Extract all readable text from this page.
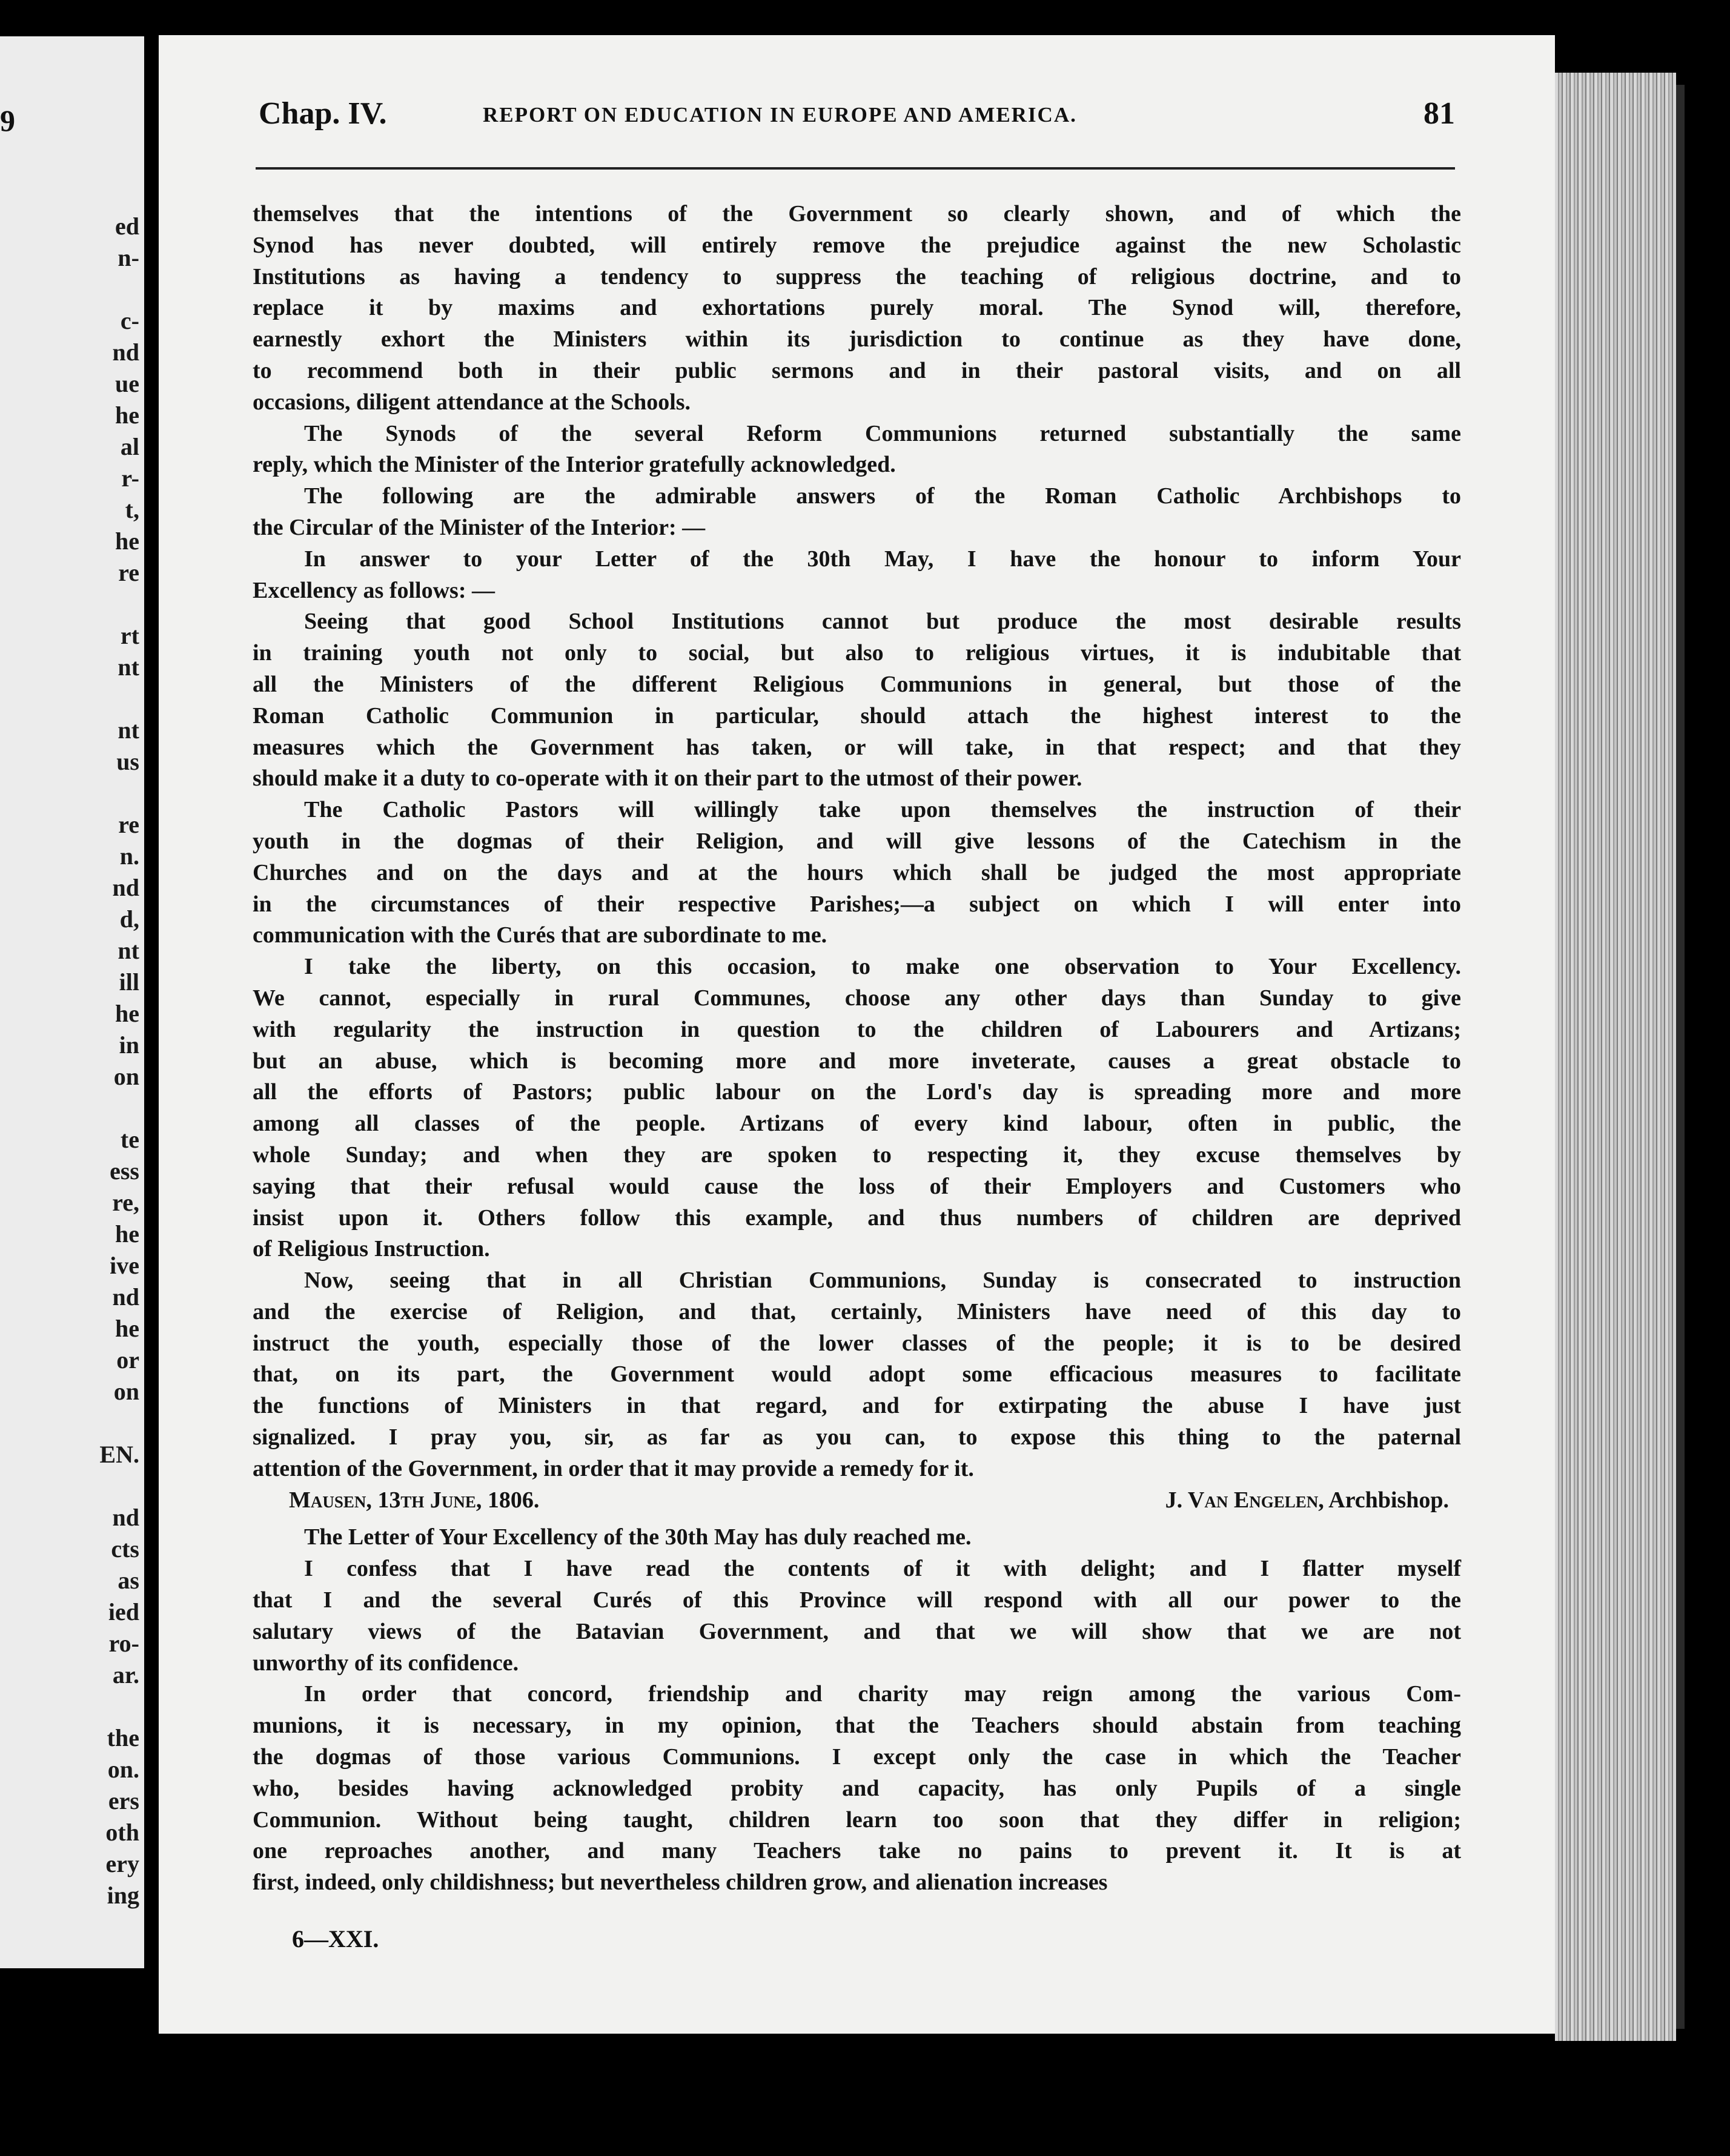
9
ed
n-
c-
nd
ue
he
al
r-
t,
he
re
rt
nt
nt
us
re
n.
nd
d,
nt
ill
he
in
on
te
ess
re,
he
ive
nd
he
or
on
EN.
nd
cts
as
ied
ro-
ar.
the
on.
ers
oth
ery
ing
Chap. IV.	REPORT ON EDUCATION IN EUROPE AND AMERICA.	81

themselves that the intentions of the Government so clearly shown, and of which the

Synod has never doubted, will entirely remove the prejudice against the new Scholastic

Institutions as having a tendency to suppress the teaching of religious doctrine, and to

replace it by maxims and exhortations purely moral. The Synod will, therefore,

earnestly exhort the Ministers within its jurisdiction to continue as they have done,

to recommend both in their public sermons and in their pastoral visits, and on all

occasions, diligent attendance at the Schools.

The Synods of the several Reform Communions returned substantially the same

reply, which the Minister of the Interior gratefully acknowledged.

The following are the admirable answers of the Roman Catholic Archbishops to

the Circular of the Minister of the Interior: —

In answer to your Letter of the 30th May, I have the honour to inform Your

Excellency as follows: —

Seeing that good School Institutions cannot but produce the most desirable results

in training youth not only to social, but also to religious virtues, it is indubitable that

all the Ministers of the different Religious Communions in general, but those of the

Roman Catholic Communion in particular, should attach the highest interest to the

measures which the Government has taken, or will take, in that respect; and that they

should make it a duty to co-operate with it on their part to the utmost of their power.

The Catholic Pastors will willingly take upon themselves the instruction of their

youth in the dogmas of their Religion, and will give lessons of the Catechism in the

Churches and on the days and at the hours which shall be judged the most appropriate

in the circumstances of their respective Parishes;—a subject on which I will enter into

communication with the Curés that are subordinate to me.

I take the liberty, on this occasion, to make one observation to Your Excellency.

We cannot, especially in rural Communes, choose any other days than Sunday to give

with regularity the instruction in question to the children of Labourers and Artizans;

but an abuse, which is becoming more and more inveterate, causes a great obstacle to

all the efforts of Pastors; public labour on the Lord's day is spreading more and more

among all classes of the people. Artizans of every kind labour, often in public, the

whole Sunday; and when they are spoken to respecting it, they excuse themselves by

saying that their refusal would cause the loss of their Employers and Customers who

insist upon it. Others follow this example, and thus numbers of children are deprived

of Religious Instruction.

Now, seeing that in all Christian Communions, Sunday is consecrated to instruction

and the exercise of Religion, and that, certainly, Ministers have need of this day to

instruct the youth, especially those of the lower classes of the people; it is to be desired

that, on its part, the Government would adopt some efficacious measures to facilitate

the functions of Ministers in that regard, and for extirpating the abuse I have just

signalized. I pray you, sir, as far as you can, to expose this thing to the paternal

attention of the Government, in order that it may provide a remedy for it.

Mausen, 13th June, 1806.	J. Van Engelen, Archbishop.

The Letter of Your Excellency of the 30th May has duly reached me.

I confess that I have read the contents of it with delight; and I flatter myself

that I and the several Curés of this Province will respond with all our power to the

salutary views of the Batavian Government, and that we will show that we are not

unworthy of its confidence.

In order that concord, friendship and charity may reign among the various Com-

munions, it is necessary, in my opinion, that the Teachers should abstain from teaching

the dogmas of those various Communions. I except only the case in which the Teacher

who, besides having acknowledged probity and capacity, has only Pupils of a single

Communion. Without being taught, children learn too soon that they differ in religion;

one reproaches another, and many Teachers take no pains to prevent it. It is at

first, indeed, only childishness; but nevertheless children grow, and alienation increases

6—XXI.
